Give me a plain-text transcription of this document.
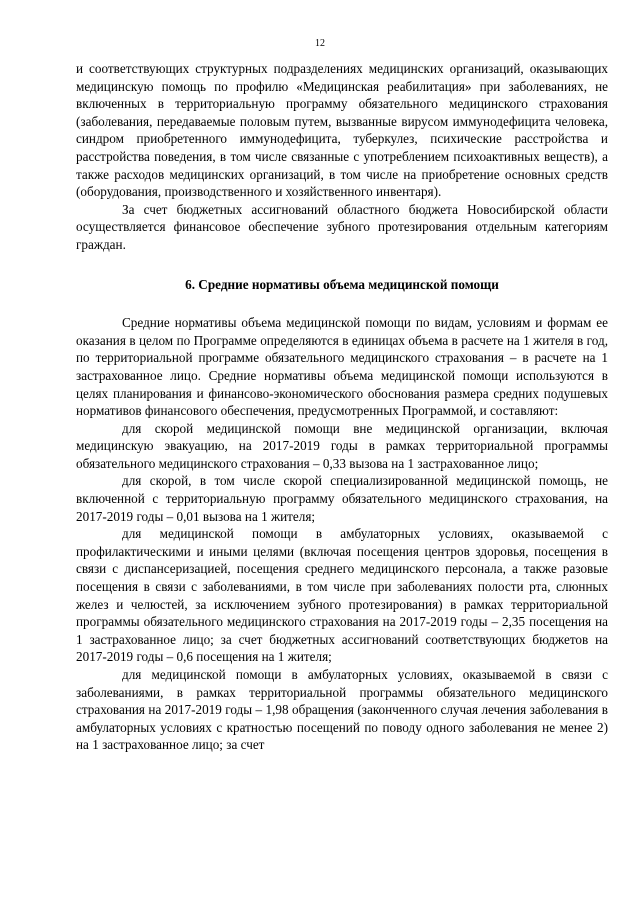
12

и соответствующих структурных подразделениях медицинских организаций, оказывающих медицинскую помощь по профилю «Медицинская реабилитация» при заболеваниях, не включенных в территориальную программу обязательного медицинского страхования (заболевания, передаваемые половым путем, вызванные вирусом иммунодефицита человека, синдром приобретенного иммунодефицита, туберкулез, психические расстройства и расстройства поведения, в том числе связанные с употреблением психоактивных веществ), а также расходов медицинских организаций, в том числе на приобретение основных средств (оборудования, производственного и хозяйственного инвентаря).

За счет бюджетных ассигнований областного бюджета Новосибирской области осуществляется финансовое обеспечение зубного протезирования отдельным категориям граждан.

6. Средние нормативы объема медицинской помощи

Средние нормативы объема медицинской помощи по видам, условиям и формам ее оказания в целом по Программе определяются в единицах объема в расчете на 1 жителя в год, по территориальной программе обязательного медицинского страхования – в расчете на 1 застрахованное лицо. Средние нормативы объема медицинской помощи используются в целях планирования и финансово-экономического обоснования размера средних подушевых нормативов финансового обеспечения, предусмотренных Программой, и составляют:

для скорой медицинской помощи вне медицинской организации, включая медицинскую эвакуацию, на 2017-2019 годы в рамках территориальной программы обязательного медицинского страхования – 0,33 вызова на 1 застрахованное лицо;

для скорой, в том числе скорой специализированной медицинской помощь, не включенной с территориальную программу обязательного медицинского страхования, на 2017-2019 годы – 0,01 вызова на 1 жителя;

для медицинской помощи в амбулаторных условиях, оказываемой с профилактическими и иными целями (включая посещения центров здоровья, посещения в связи с диспансеризацией, посещения среднего медицинского персонала, а также разовые посещения в связи с заболеваниями, в том числе при заболеваниях полости рта, слюнных желез и челюстей, за исключением зубного протезирования) в рамках территориальной программы обязательного медицинского страхования на 2017-2019 годы – 2,35 посещения на 1 застрахованное лицо; за счет бюджетных ассигнований соответствующих бюджетов на 2017-2019 годы – 0,6 посещения на 1 жителя;

для медицинской помощи в амбулаторных условиях, оказываемой в связи с заболеваниями, в рамках территориальной программы обязательного медицинского страхования на 2017-2019 годы – 1,98 обращения (законченного случая лечения заболевания в амбулаторных условиях с кратностью посещений по поводу одного заболевания не менее 2) на 1 застрахованное лицо; за счет
